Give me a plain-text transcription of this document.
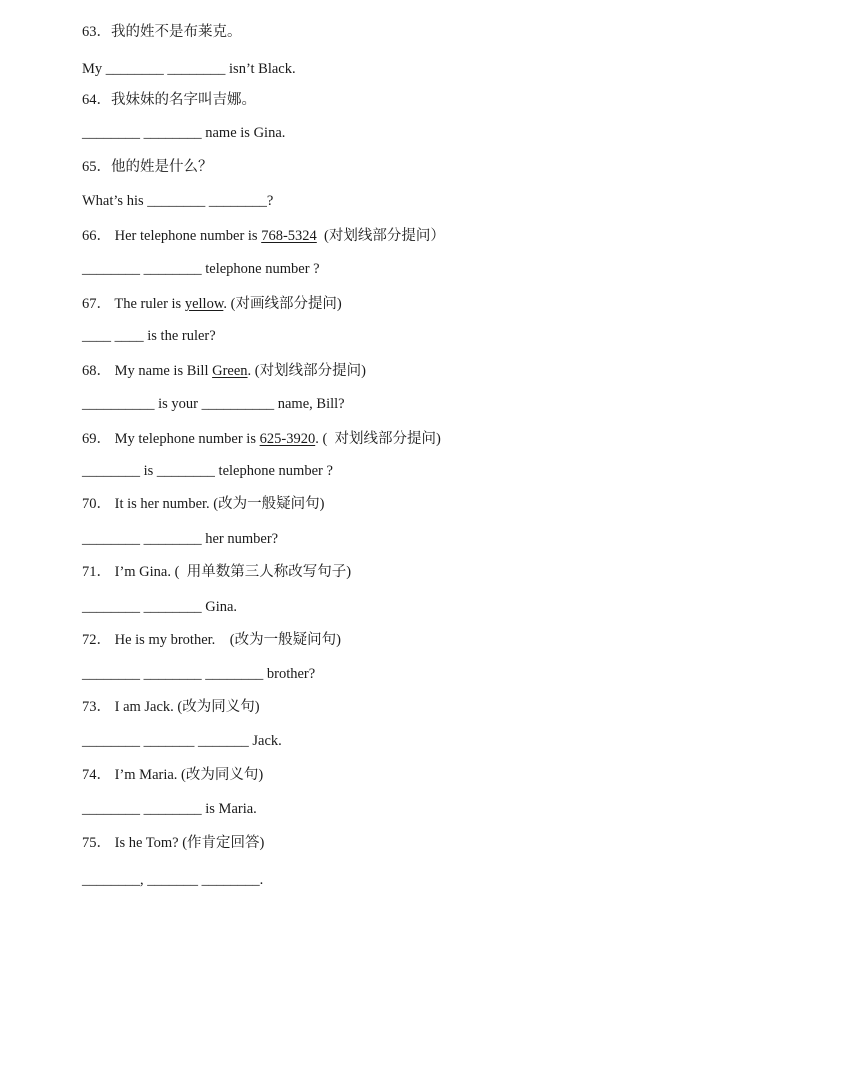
63．我的姓不是布莱克。
My ________ ________ isn’t Black.
64．我妹妹的名字叫吉娜。
________ ________ name is Gina.
65．他的姓是什么？
What’s his ________ ________?
66． Her telephone number is 768-5324  (对划线部分提问）
________ ________ telephone number ?
67． The ruler is yellow. (对画线部分提问)
____ ____ is the ruler?
68． My name is Bill Green. (对划线部分提问)
__________ is your __________ name, Bill?
69． My telephone number is 625-3920. (  对划线部分提问)
________ is ________ telephone number ?
70． It is her number. (改为一般疑问句)
________ ________ her number?
71． I’m Gina. (  用单数第三人称改写句子)
________ ________ Gina.
72． He is my brother.    (改为一般疑问句)
________ ________ ________ brother?
73． I am Jack. (改为同义句)
________ _______ _______ Jack.
74． I’m Maria. (改为同义句)
________ ________ is Maria.
75． Is he Tom? (作肯定回答)
________, _______ ________.
